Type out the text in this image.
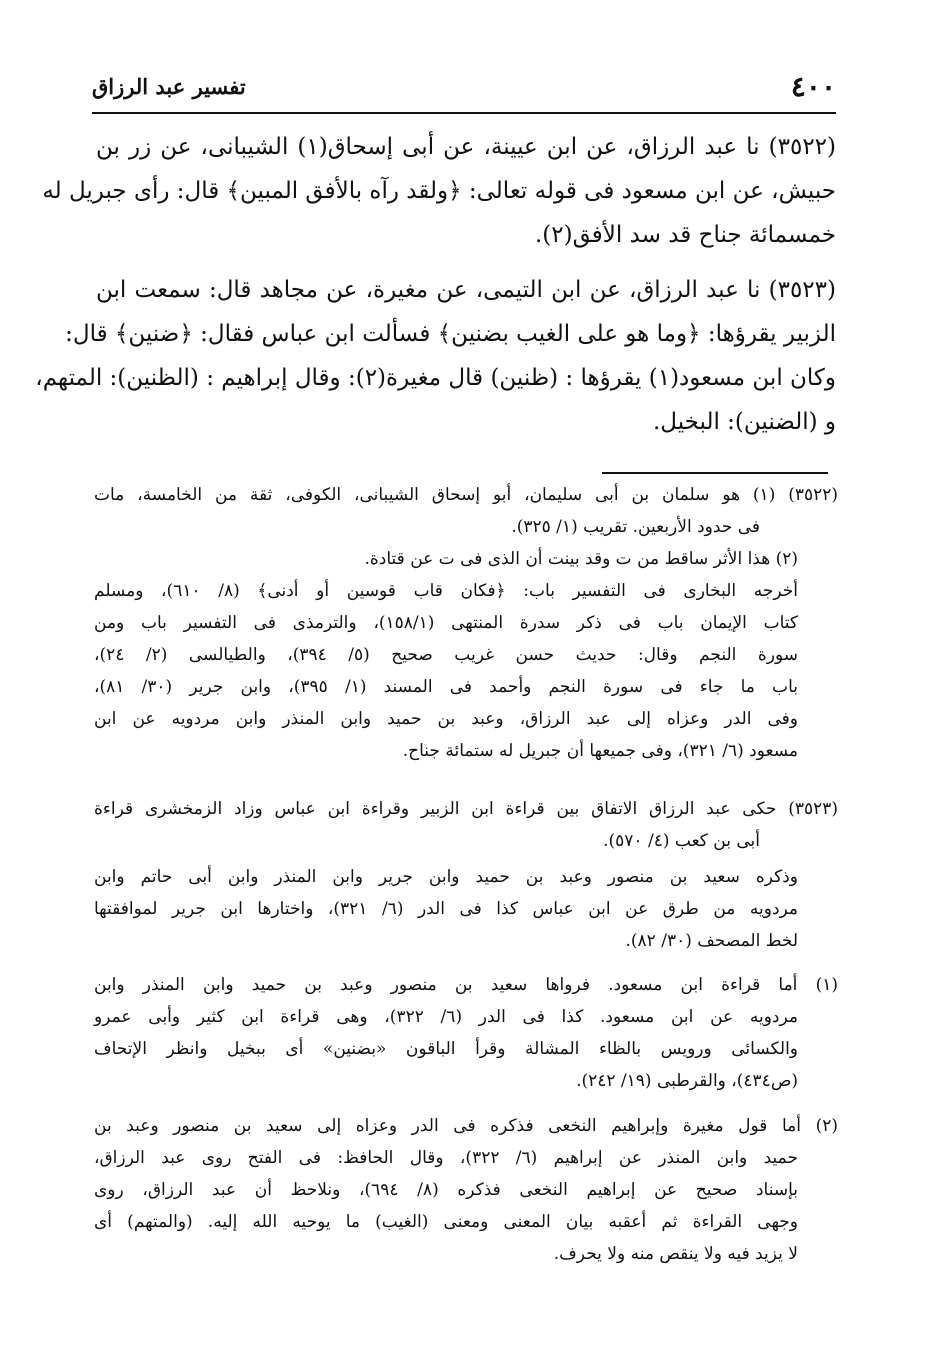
٤٠٠
تفسير عبد الرزاق
(٣٥٢٢) نا عبد الرزاق، عن ابن عيينة، عن أبى إسحاق(١) الشيبانى، عن زر بن
حبيش، عن ابن مسعود فى قوله تعالى: ﴿ولقد رآه بالأفق المبين﴾ قال: رأى جبريل له
خمسمائة جناح قد سد الأفق(٢).
(٣٥٢٣) نا عبد الرزاق، عن ابن التيمى، عن مغيرة، عن مجاهد قال: سمعت ابن
الزبير يقرؤها: ﴿وما هو على الغيب بضنين﴾ فسألت ابن عباس فقال: ﴿ضنين﴾ قال:
وكان ابن مسعود(١) يقرؤها : (ظنين) قال مغيرة(٢): وقال إبراهيم : (الظنين): المتهم،
و (الضنين): البخيل.
(٣٥٢٢) (١) هو سلمان بن أبى سليمان، أبو إسحاق الشيبانى، الكوفى، ثقة من الخامسة، مات
فى حدود الأربعين. تقريب (١/ ٣٢٥).
(٢) هذا الأثر ساقط من ت وقد بينت أن الذى فى ت عن قتادة.
أخرجه البخارى فى التفسير باب: ﴿فكان قاب قوسين أو أدنى﴾ (٨/ ٦١٠)، ومسلم
كتاب الإيمان باب فى ذكر سدرة المنتهى (١٥٨/١)، والترمذى فى التفسير باب ومن
سورة النجم وقال: حديث حسن غريب صحيح (٥/ ٣٩٤)، والطيالسى (٢/ ٢٤)،
باب ما جاء فى سورة النجم وأحمد فى المسند (١/ ٣٩٥)، وابن جرير (٣٠/ ٨١)،
وفى الدر وعزاه إلى عبد الرزاق، وعبد بن حميد وابن المنذر وابن مردويه عن ابن
مسعود (٦/ ٣٢١)، وفى جميعها أن جبريل له ستمائة جناح.
(٣٥٢٣) حكى عبد الرزاق الاتفاق بين قراءة ابن الزبير وقراءة ابن عباس وزاد الزمخشرى قراءة
أبى بن كعب (٤/ ٥٧٠).
وذكره سعيد بن منصور وعبد بن حميد وابن جرير وابن المنذر وابن أبى حاتم وابن
مردويه من طرق عن ابن عباس كذا فى الدر (٦/ ٣٢١)، واختارها ابن جرير لموافقتها
لخط المصحف (٣٠/ ٨٢).
(١) أما قراءة ابن مسعود. فرواها سعيد بن منصور وعبد بن حميد وابن المنذر وابن
مردويه عن ابن مسعود. كذا فى الدر (٦/ ٣٢٢)، وهى قراءة ابن كثير وأبى عمرو
والكسائى ورويس بالظاء المشالة وقرأ الباقون «بضنين» أى ببخيل وانظر الإتحاف
(ص٤٣٤)، والقرطبى (١٩/ ٢٤٢).
(٢) أما قول مغيرة وإبراهيم النخعى فذكره فى الدر وعزاه إلى سعيد بن منصور وعبد بن
حميد وابن المنذر عن إبراهيم (٦/ ٣٢٢)، وقال الحافظ: فى الفتح روى عبد الرزاق،
بإسناد صحيح عن إبراهيم النخعى فذكره (٨/ ٦٩٤)، ونلاحظ أن عبد الرزاق، روى
وجهى القراءة ثم أعقبه بيان المعنى ومعنى (الغيب) ما يوحيه الله إليه. (والمتهم) أى
لا يزيد فيه ولا ينقص منه ولا يحرف.
